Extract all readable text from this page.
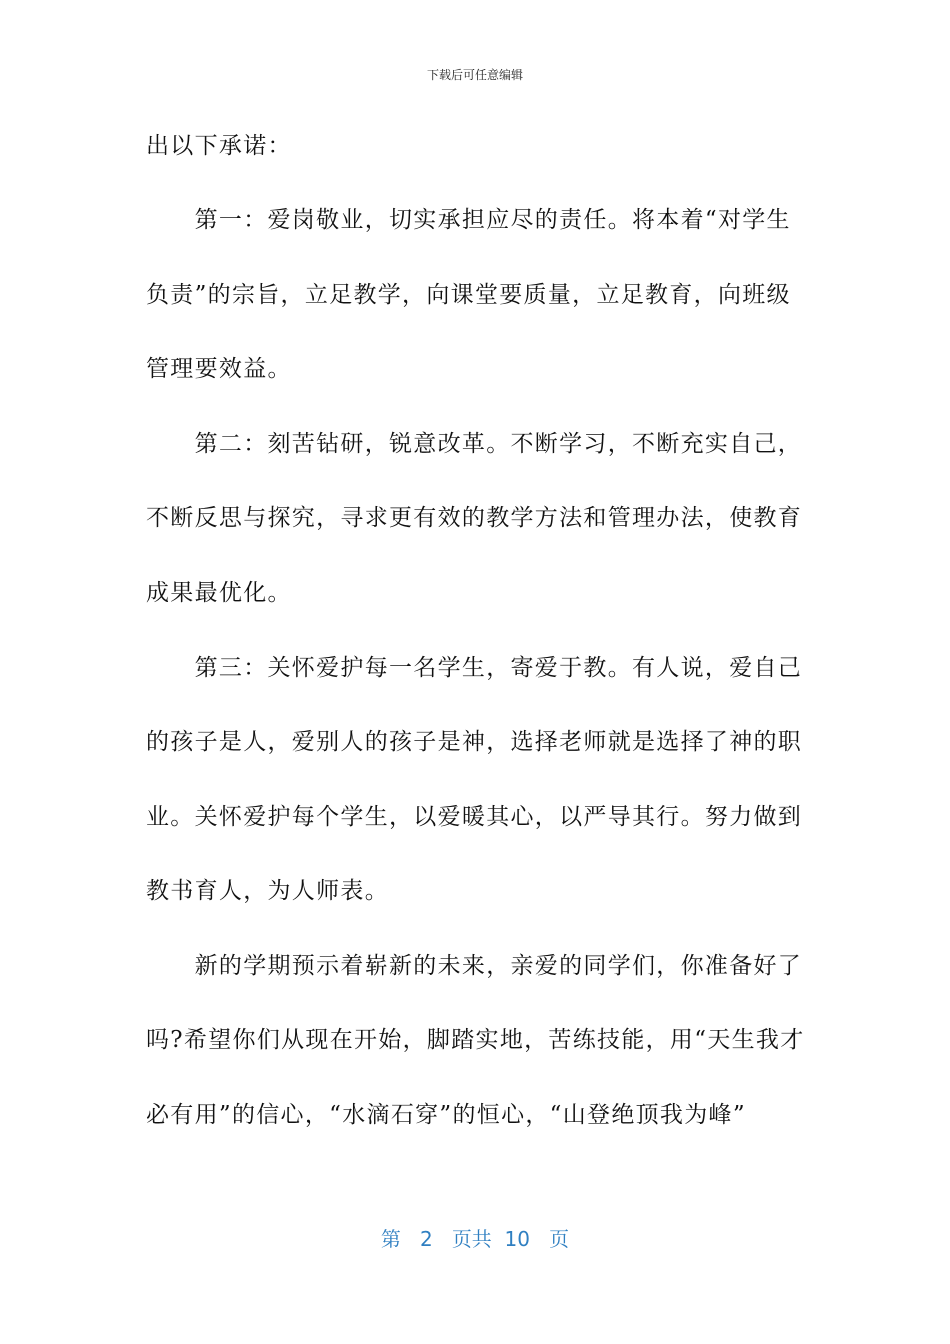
下载后可任意编辑
出以下承诺：
　　第一：爱岗敬业，切实承担应尽的责任。将本着“对学生
负责”的宗旨，立足教学，向课堂要质量，立足教育，向班级
管理要效益。
　　第二：刻苦钻研，锐意改革。不断学习，不断充实自己，
不断反思与探究，寻求更有效的教学方法和管理办法，使教育
成果最优化。
　　第三：关怀爱护每一名学生，寄爱于教。有人说，爱自己
的孩子是人，爱别人的孩子是神，选择老师就是选择了神的职
业。关怀爱护每个学生，以爱暖其心，以严导其行。努力做到
教书育人，为人师表。
　　新的学期预示着崭新的未来，亲爱的同学们，你准备好了
吗?希望你们从现在开始，脚踏实地，苦练技能，用“天生我才
必有用”的信心，“水滴石穿”的恒心，“山登绝顶我为峰”
第 2 页共 10 页
